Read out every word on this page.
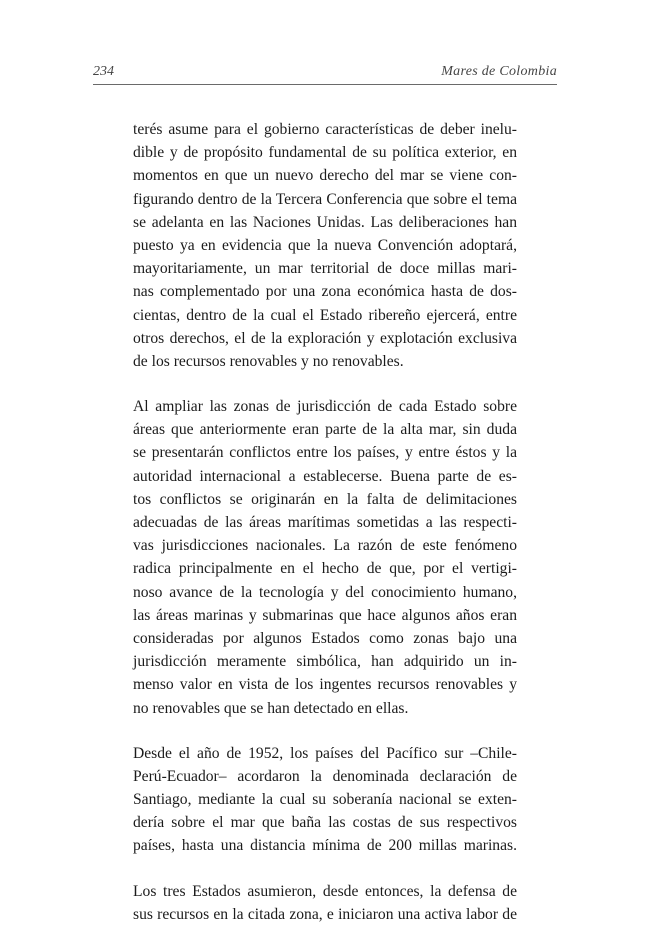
234	Mares de Colombia
terés asume para el gobierno características de deber inelu-
dible y de propósito fundamental de su política exterior, en
momentos en que un nuevo derecho del mar se viene con-
figurando dentro de la Tercera Conferencia que sobre el tema
se adelanta en las Naciones Unidas. Las deliberaciones han
puesto ya en evidencia que la nueva Convención adoptará,
mayoritariamente, un mar territorial de doce millas mari-
nas complementado por una zona económica hasta de dos-
cientas, dentro de la cual el Estado ribereño ejercerá, entre
otros derechos, el de la exploración y explotación exclusiva
de los recursos renovables y no renovables.
Al ampliar las zonas de jurisdicción de cada Estado sobre
áreas que anteriormente eran parte de la alta mar, sin duda
se presentarán conflictos entre los países, y entre éstos y la
autoridad internacional a establecerse. Buena parte de es-
tos conflictos se originarán en la falta de delimitaciones
adecuadas de las áreas marítimas sometidas a las respecti-
vas jurisdicciones nacionales. La razón de este fenómeno
radica principalmente en el hecho de que, por el vertigi-
noso avance de la tecnología y del conocimiento humano,
las áreas marinas y submarinas que hace algunos años eran
consideradas por algunos Estados como zonas bajo una
jurisdicción meramente simbólica, han adquirido un in-
menso valor en vista de los ingentes recursos renovables y
no renovables que se han detectado en ellas.
Desde el año de 1952, los países del Pacífico sur –Chile-
Perú-Ecuador– acordaron la denominada declaración de
Santiago, mediante la cual su soberanía nacional se exten-
dería sobre el mar que baña las costas de sus respectivos
países, hasta una distancia mínima de 200 millas marinas.
Los tres Estados asumieron, desde entonces, la defensa de
sus recursos en la citada zona, e iniciaron una activa labor de
